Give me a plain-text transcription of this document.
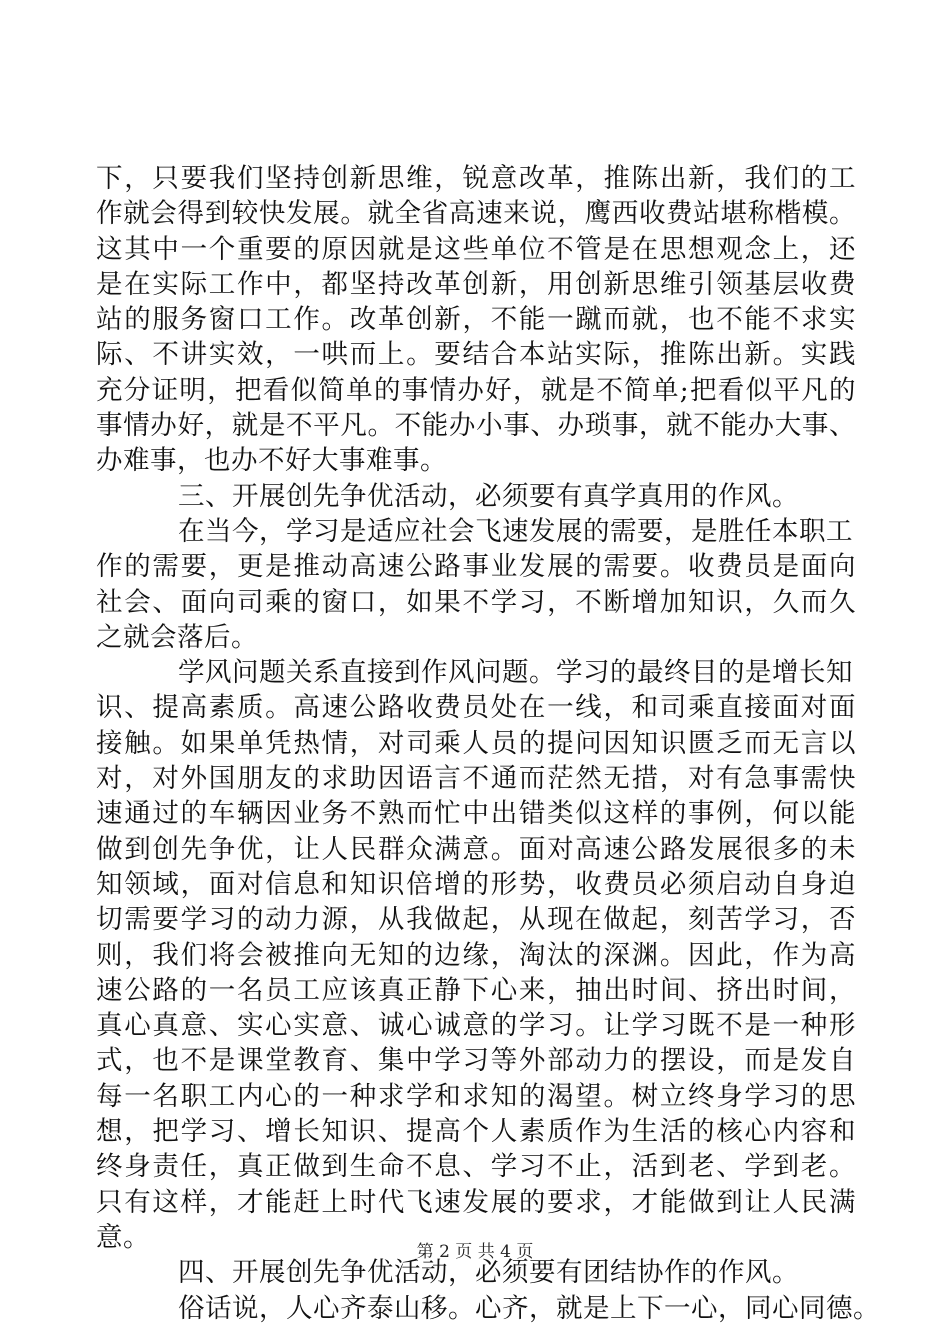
下，只要我们坚持创新思维，锐意改革，推陈出新，我们的工
作就会得到较快发展。就全省高速来说，鹰西收费站堪称楷模。
这其中一个重要的原因就是这些单位不管是在思想观念上，还
是在实际工作中，都坚持改革创新，用创新思维引领基层收费
站的服务窗口工作。改革创新，不能一蹴而就，也不能不求实
际、不讲实效，一哄而上。要结合本站实际，推陈出新。实践
充分证明，把看似简单的事情办好，就是不简单;把看似平凡的
事情办好，就是不平凡。不能办小事、办琐事，就不能办大事、
办难事，也办不好大事难事。
三、开展创先争优活动，必须要有真学真用的作风。
在当今，学习是适应社会飞速发展的需要，是胜任本职工
作的需要，更是推动高速公路事业发展的需要。收费员是面向
社会、面向司乘的窗口，如果不学习，不断增加知识，久而久
之就会落后。
学风问题关系直接到作风问题。学习的最终目的是增长知
识、提高素质。高速公路收费员处在一线，和司乘直接面对面
接触。如果单凭热情，对司乘人员的提问因知识匮乏而无言以
对，对外国朋友的求助因语言不通而茫然无措，对有急事需快
速通过的车辆因业务不熟而忙中出错类似这样的事例，何以能
做到创先争优，让人民群众满意。面对高速公路发展很多的未
知领域，面对信息和知识倍增的形势，收费员必须启动自身迫
切需要学习的动力源，从我做起，从现在做起，刻苦学习，否
则，我们将会被推向无知的边缘，淘汰的深渊。因此，作为高
速公路的一名员工应该真正静下心来，抽出时间、挤出时间，
真心真意、实心实意、诚心诚意的学习。让学习既不是一种形
式，也不是课堂教育、集中学习等外部动力的摆设，而是发自
每一名职工内心的一种求学和求知的渴望。树立终身学习的思
想，把学习、增长知识、提高个人素质作为生活的核心内容和
终身责任，真正做到生命不息、学习不止，活到老、学到老。
只有这样，才能赶上时代飞速发展的要求，才能做到让人民满
意。
四、开展创先争优活动，必须要有团结协作的作风。
俗话说，人心齐泰山移。心齐，就是上下一心，同心同德。
第 2 页 共 4 页
